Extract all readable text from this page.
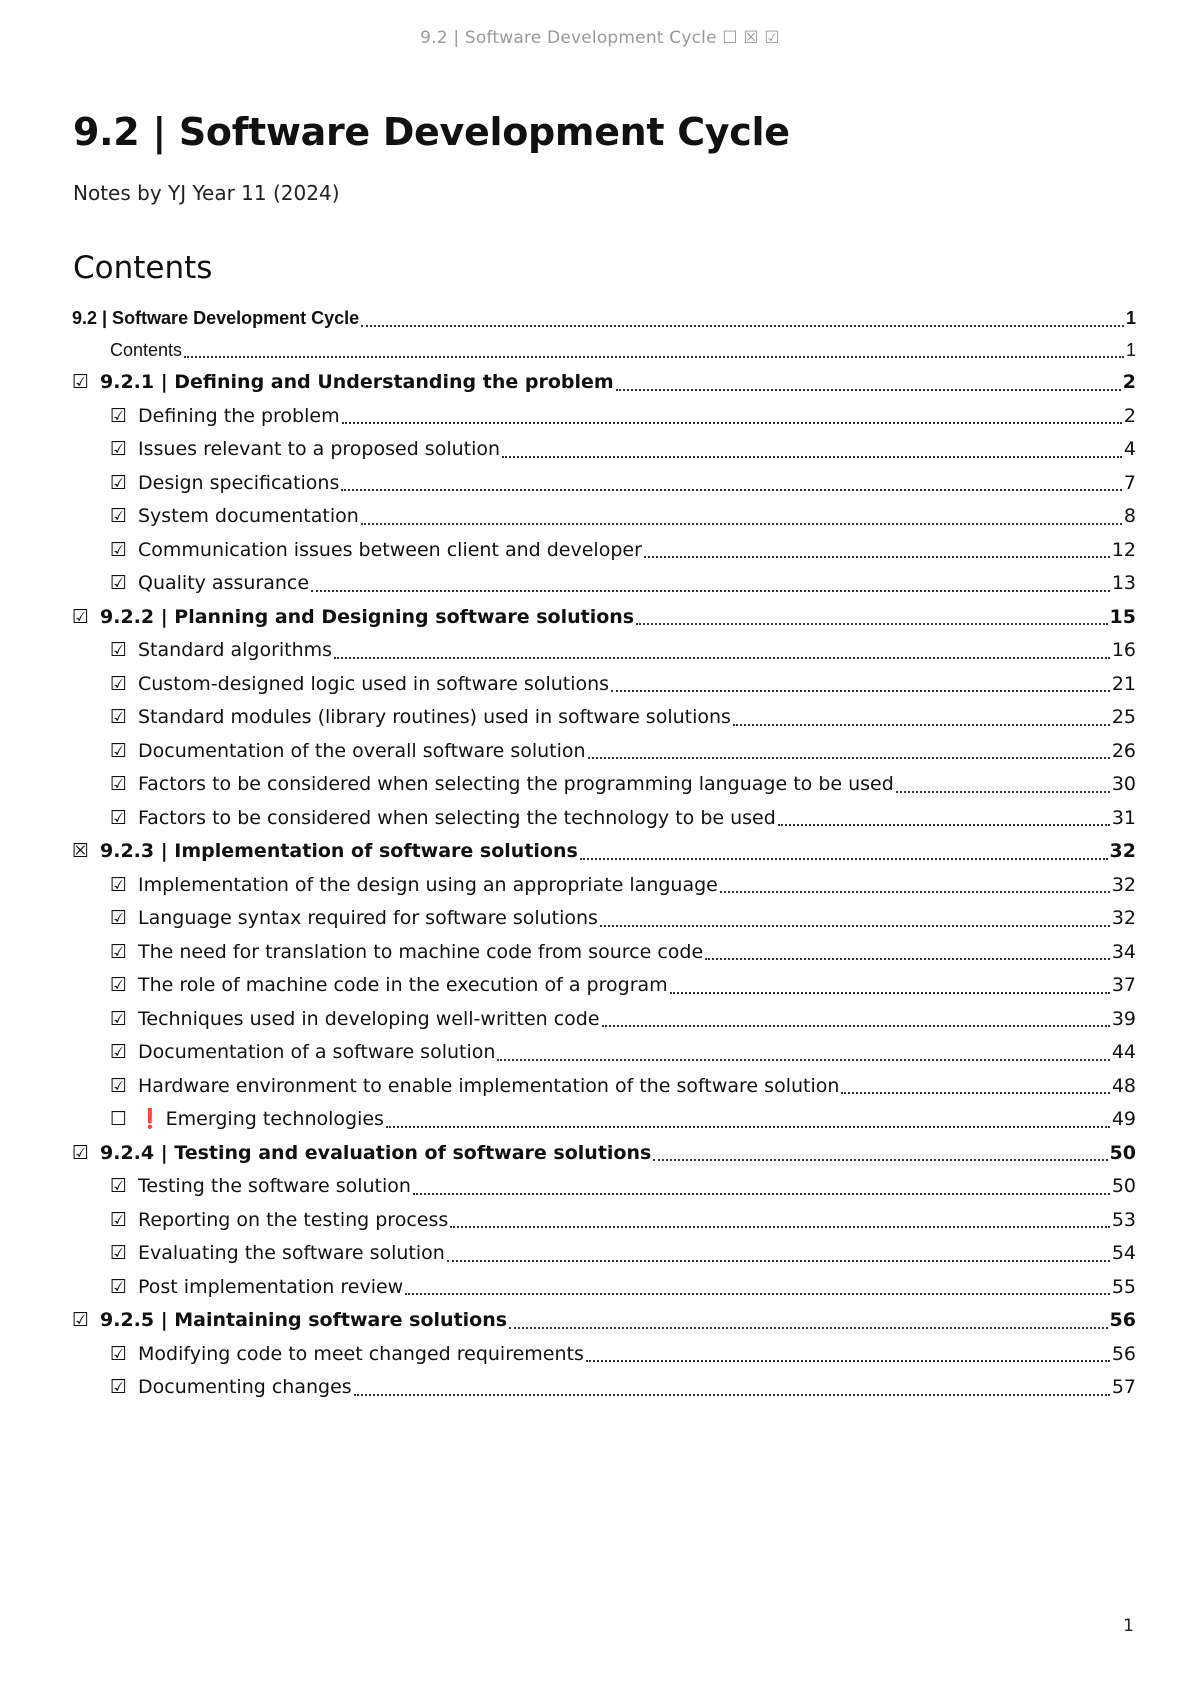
9.2 | Software Development Cycle ☐ ☒ ☑
9.2 | Software Development Cycle

Notes by YJ Year 11 (2024)

Contents
9.2 | Software Development Cycle	1
Contents	1
☑ 9.2.1 | Defining and Understanding the problem	2
☑ Defining the problem	2
☑ Issues relevant to a proposed solution	4
☑ Design specifications	7
☑ System documentation	8
☑ Communication issues between client and developer	12
☑ Quality assurance	13
☑ 9.2.2 | Planning and Designing software solutions	15
☑ Standard algorithms	16
☑ Custom-designed logic used in software solutions	21
☑ Standard modules (library routines) used in software solutions	25
☑ Documentation of the overall software solution	26
☑ Factors to be considered when selecting the programming language to be used	30
☑ Factors to be considered when selecting the technology to be used	31
☒ 9.2.3 | Implementation of software solutions	32
☑ Implementation of the design using an appropriate language	32
☑ Language syntax required for software solutions	32
☑ The need for translation to machine code from source code	34
☑ The role of machine code in the execution of a program	37
☑ Techniques used in developing well-written code	39
☑ Documentation of a software solution	44
☑ Hardware environment to enable implementation of the software solution	48
☐ ❗ Emerging technologies	49
☑ 9.2.4 | Testing and evaluation of software solutions	50
☑ Testing the software solution	50
☑ Reporting on the testing process	53
☑ Evaluating the software solution	54
☑ Post implementation review	55
☑ 9.2.5 | Maintaining software solutions	56
☑ Modifying code to meet changed requirements	56
☑ Documenting changes	57
1
